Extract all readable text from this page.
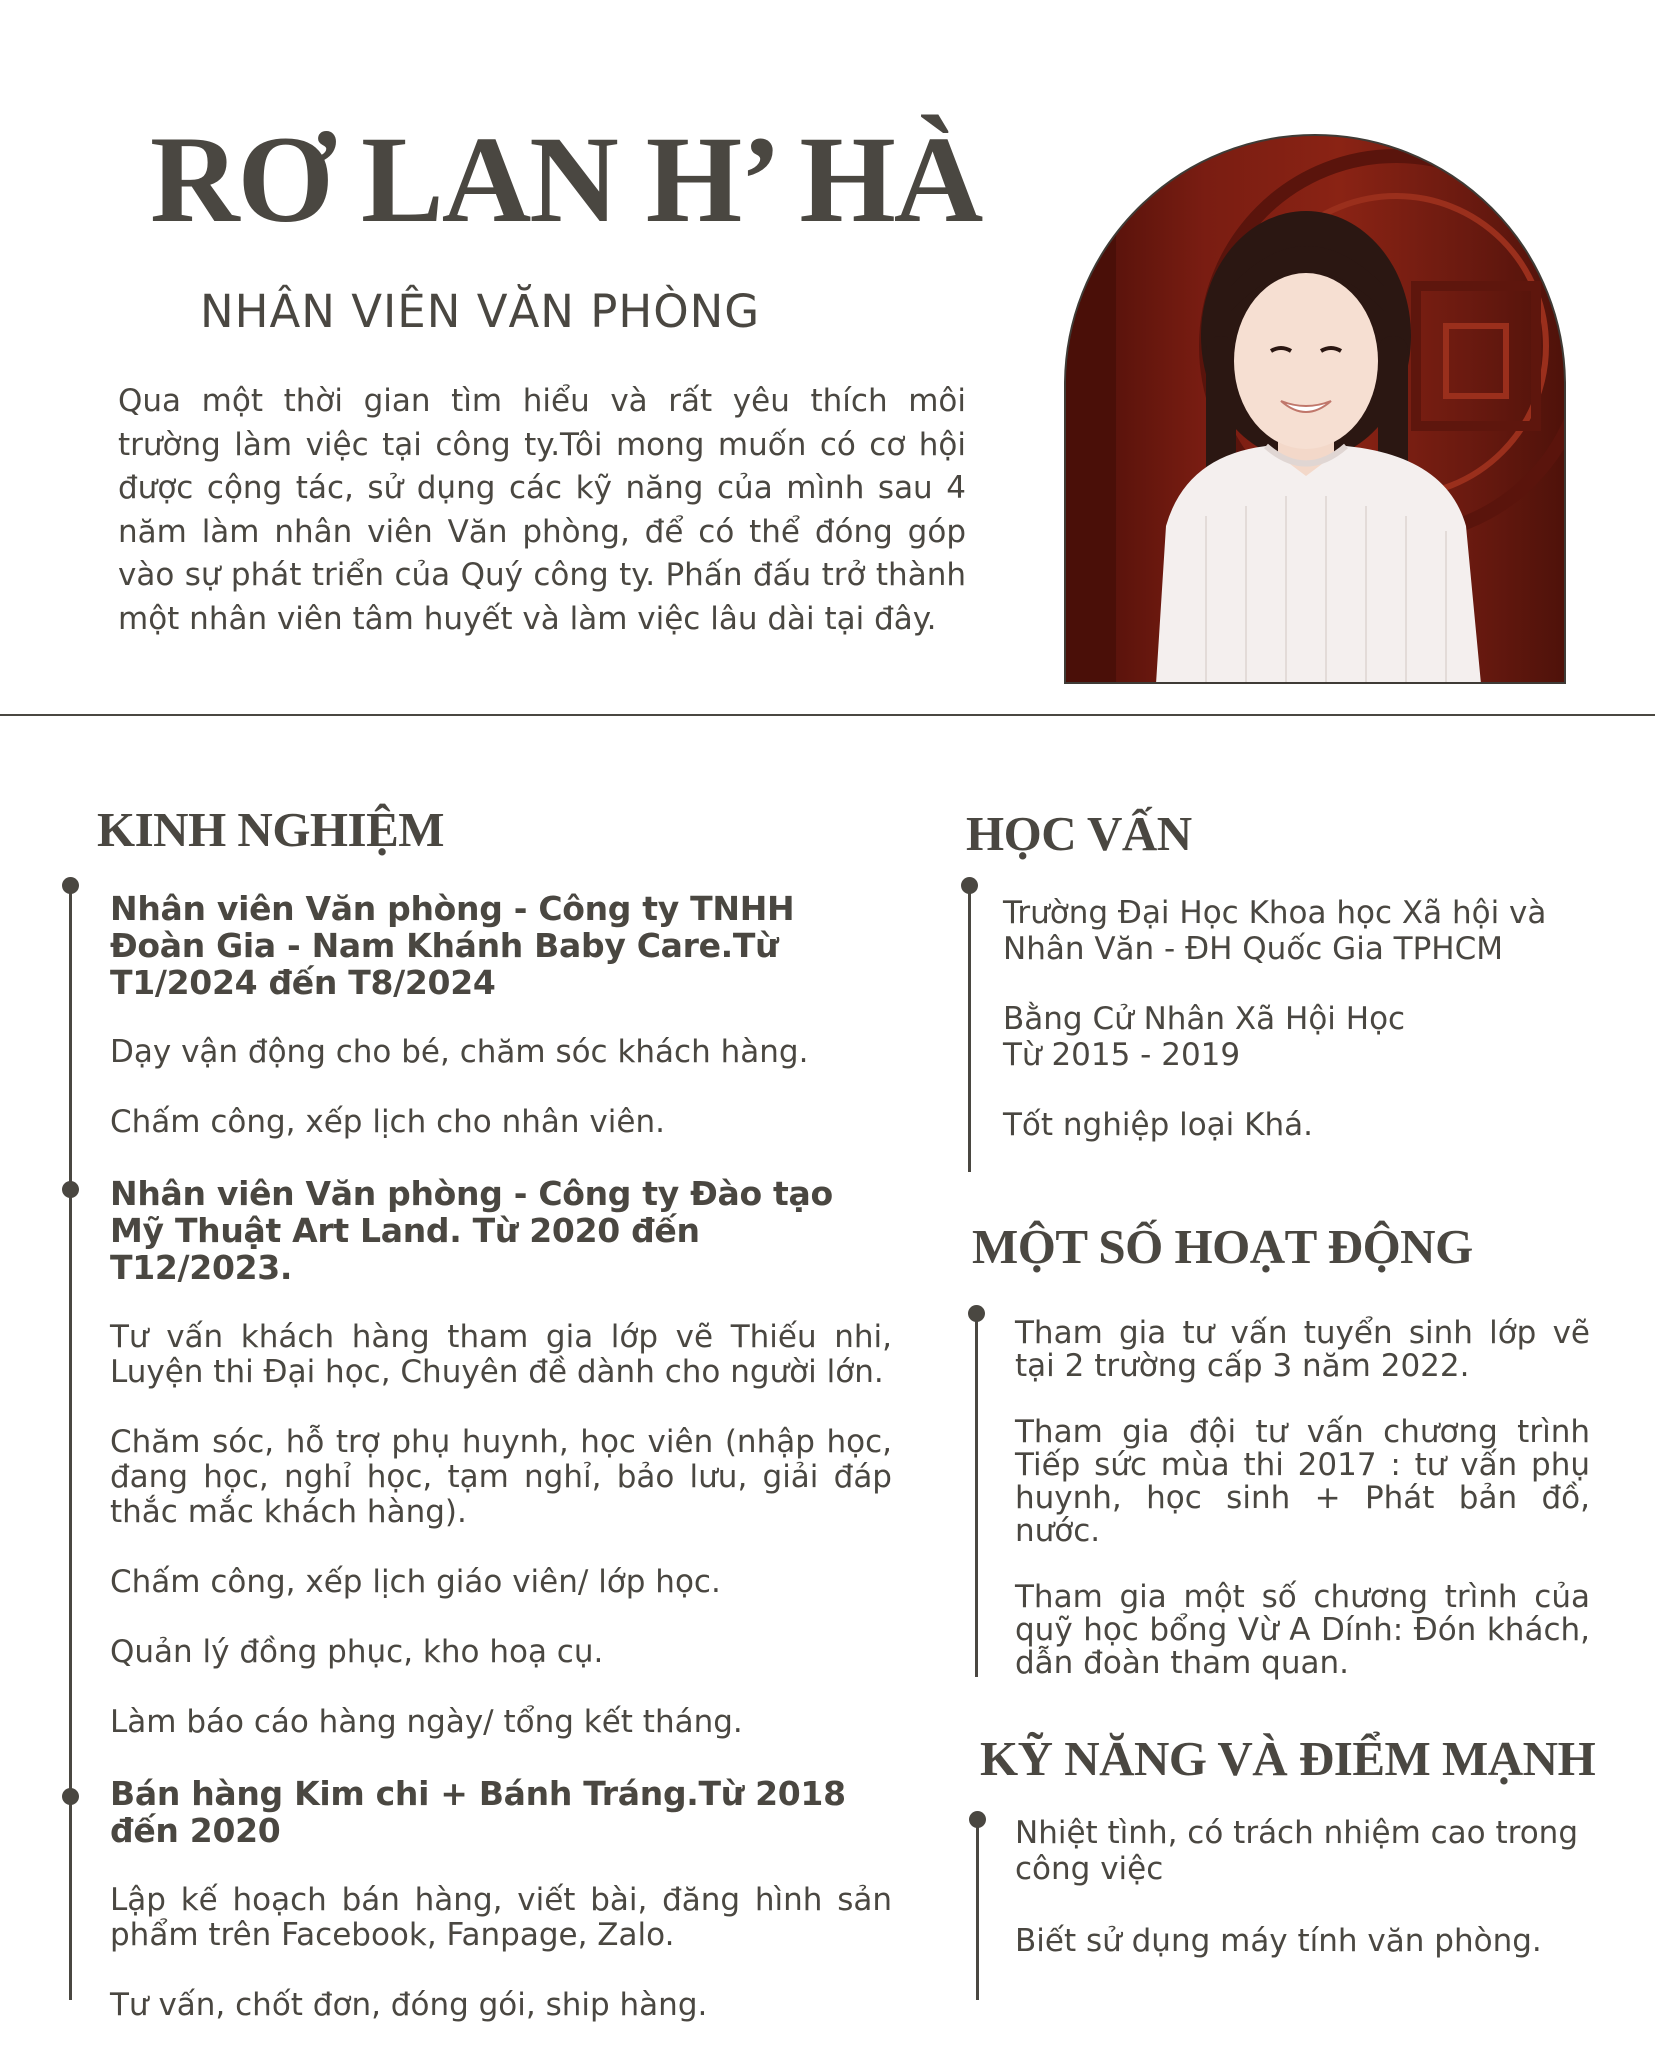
RƠ LAN H’ HÀ
NHÂN VIÊN VĂN PHÒNG
Qua một thời gian tìm hiểu và rất yêu thích môi trường làm việc tại công ty.Tôi mong muốn có cơ hội được cộng tác, sử dụng các kỹ năng của mình sau 4 năm làm nhân viên Văn phòng, để có thể đóng góp vào sự phát triển của Quý công ty. Phấn đấu trở thành một nhân viên tâm huyết và làm việc lâu dài tại đây.
KINH NGHIỆM
Nhân viên Văn phòng - Công ty TNHH Đoàn Gia - Nam Khánh Baby Care.Từ T1/2024 đến T8/2024
Dạy vận động cho bé, chăm sóc khách hàng.
Chấm công, xếp lịch cho nhân viên.
Nhân viên Văn phòng - Công ty Đào tạo Mỹ Thuật Art Land. Từ 2020 đến T12/2023.
Tư vấn khách hàng tham gia lớp vẽ Thiếu nhi, Luyện thi Đại học, Chuyên đề dành cho người lớn.
Chăm sóc, hỗ trợ phụ huynh, học viên (nhập học, đang học, nghỉ học, tạm nghỉ, bảo lưu, giải đáp thắc mắc khách hàng).
Chấm công, xếp lịch giáo viên/ lớp học.
Quản lý đồng phục, kho hoạ cụ.
Làm báo cáo hàng ngày/ tổng kết tháng.
Bán hàng Kim chi + Bánh Tráng.Từ 2018 đến 2020
Lập kế hoạch bán hàng, viết bài, đăng hình sản phẩm trên Facebook, Fanpage, Zalo.
Tư vấn, chốt đơn, đóng gói, ship hàng.
HỌC VẤN

Trường Đại Học Khoa học Xã hội và

Nhân Văn - ĐH Quốc Gia TPHCM

Bằng Cử Nhân Xã Hội Học

Từ 2015 - 2019

Tốt nghiệp loại Khá.

MỘT SỐ HOẠT ĐỘNG

Tham gia tư vấn tuyển sinh lớp vẽ tại 2 trường cấp 3 năm 2022.

Tham gia đội tư vấn chương trình Tiếp sức mùa thi 2017 : tư vấn phụ huynh, học sinh + Phát bản đồ, nước.

Tham gia một số chương trình của quỹ học bổng Vừ A Dính: Đón khách, dẫn đoàn tham quan.

KỸ NĂNG VÀ ĐIỂM MẠNH

Nhiệt tình, có trách nhiệm cao trong công việc

Biết sử dụng máy tính văn phòng.
